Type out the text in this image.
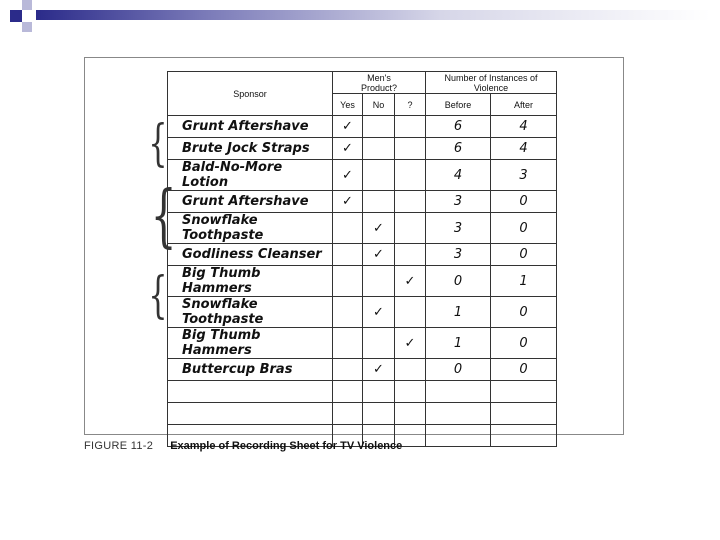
{
{
{
Sponsor	Men's Product?			Number of Instances of Violence	
	Yes	No	?	Before	After
Grunt Aftershave	✓			6	4
Brute Jock Straps	✓			6	4
Bald-No-More Lotion	✓			4	3
Grunt Aftershave	✓			3	0
Snowflake Toothpaste		✓		3	0
Godliness Cleanser		✓		3	0
Big Thumb Hammers			✓	0	1
Snowflake Toothpaste		✓		1	0
Big Thumb Hammers			✓	1	0
Buttercup Bras		✓		0	0

FIGURE 11-2 Example of Recording Sheet for TV Violence
